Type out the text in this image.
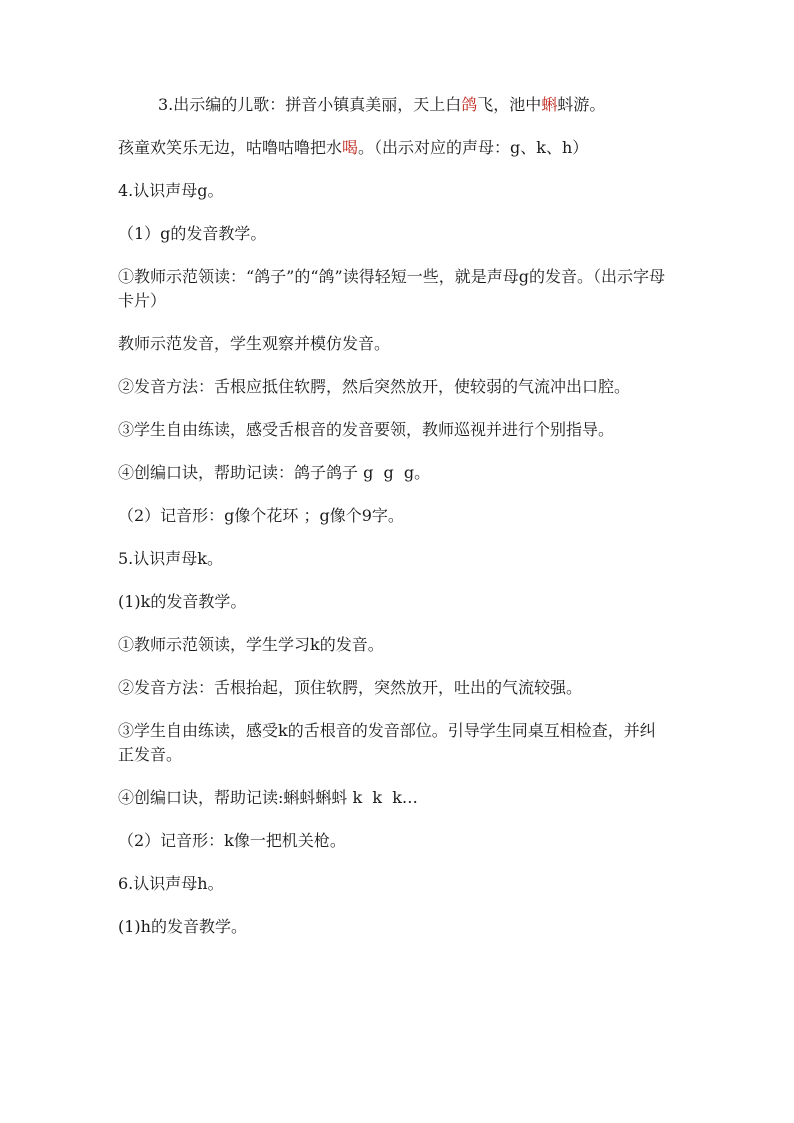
3.出示编的儿歌：拼音小镇真美丽，天上白鸽飞，池中蝌蚪游。

孩童欢笑乐无边，咕噜咕噜把水喝。（出示对应的声母：g、k、h）

4.认识声母g。

（1）g的发音教学。

①教师示范领读：“鸽子”的“鸽”读得轻短一些，就是声母g的发音。（出示字母卡片）

教师示范发音，学生观察并模仿发音。

②发音方法：舌根应抵住软腭，然后突然放开，使较弱的气流冲出口腔。

③学生自由练读，感受舌根音的发音要领，教师巡视并进行个别指导。

④创编口诀，帮助记读：鸽子鸽子 g  g  g。

（2）记音形：g像个花环 ；g像个9字。

5.认识声母k。

(1)k的发音教学。

①教师示范领读，学生学习k的发音。

②发音方法：舌根抬起，顶住软腭，突然放开，吐出的气流较强。

③学生自由练读，感受k的舌根音的发音部位。引导学生同桌互相检查，并纠正发音。

④创编口诀，帮助记读:蝌蚪蝌蚪 k  k  k…

（2）记音形：k像一把机关枪。

6.认识声母h。

(1)h的发音教学。
